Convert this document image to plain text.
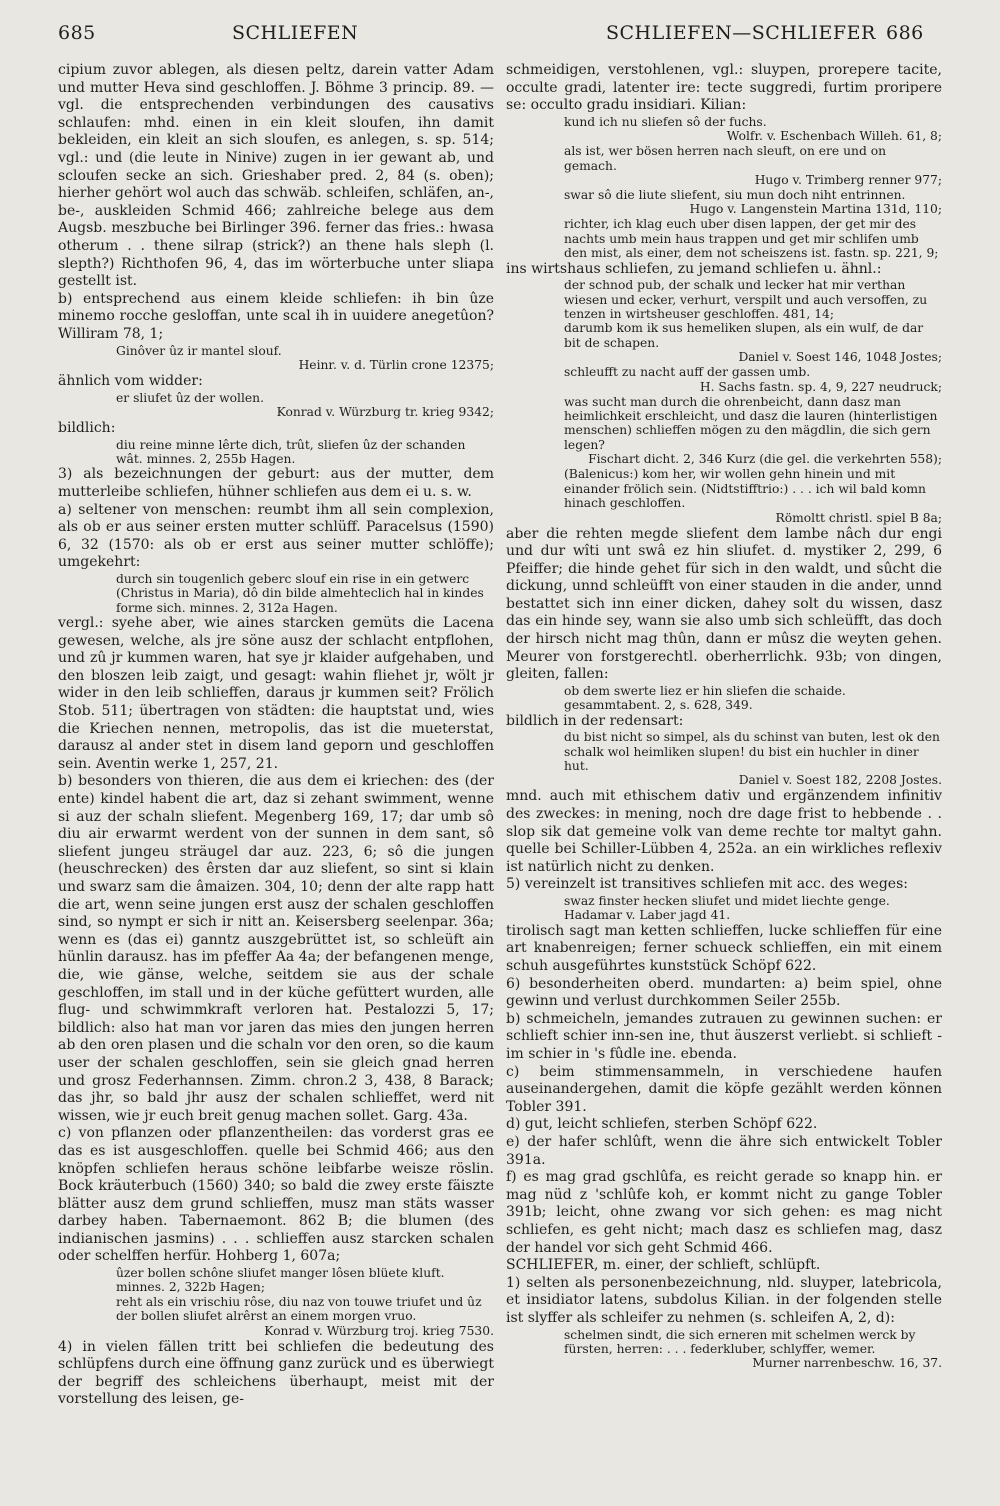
685	SCHLIEFEN	SCHLIEFEN—SCHLIEFER 686
cipium zuvor ablegen, als diesen peltz, darein vatter Adam und mutter Heva sind geschloffen. J. Böhme 3 princip. 89. — vgl. die entsprechenden verbindungen des causativs schlaufen: mhd. einen in ein kleit sloufen, ihn damit bekleiden, ein kleit an sich sloufen, es anlegen, s. sp. 514; vgl.: und (die leute in Ninive) zugen in ier gewant ab, und scloufen secke an sich. Grieshaber pred. 2, 84 (s. oben); hierher gehört wol auch das schwäb. schleifen, schläfen, an-, be-, auskleiden Schmid 466; zahlreiche belege aus dem Augsb. meszbuche bei Birlinger 396. ferner das fries.: hwasa otherum . . thene silrap (strick?) an thene hals sleph (l. slepth?) Richthofen 96, 4, das im wörterbuche unter sliapa gestellt ist.
b) entsprechend aus einem kleide schliefen: ih bin ûze minemo rocche gesloffan, unte scal ih in uuidere anegetûon? Williram 78, 1;
Ginôver ûz ir mantel slouf.
Heinr. v. d. Türlin crone 12375;
ähnlich vom widder:
er sliufet ûz der wollen.
Konrad v. Würzburg tr. krieg 9342;
bildlich:
diu reine minne lêrte dich, trût, sliefen ûz der schanden wât. minnes. 2, 255b Hagen.
3) als bezeichnungen der geburt: aus der mutter, dem mutterleibe schliefen, hühner schliefen aus dem ei u. s. w.
a) seltener von menschen: reumbt ihm all sein complexion, als ob er aus seiner ersten mutter schlüff. Paracelsus (1590) 6, 32 (1570: als ob er erst aus seiner mutter schlöffe); umgekehrt:
durch sin tougenlich geberc slouf ein rise in ein getwerc (Christus in Maria), dô din bilde almehteclich hal in kindes forme sich. minnes. 2, 312a Hagen.
vergl.: syehe aber, wie aines starcken gemüts die Lacena gewesen, welche, als jre söne ausz der schlacht entpflohen, und zû jr kummen waren, hat sye jr klaider aufgehaben, und den bloszen leib zaigt, und gesagt: wahin fliehet jr, wölt jr wider in den leib schlieffen, daraus jr kummen seit? Frölich Stob. 511; übertragen von städten: die hauptstat und, wies die Kriechen nennen, metropolis, das ist die mueterstat, darausz al ander stet in disem land geporn und geschloffen sein. Aventin werke 1, 257, 21.
b) besonders von thieren, die aus dem ei kriechen: des (der ente) kindel habent die art, daz si zehant swimment, wenne si auz der schaln sliefent. Megenberg 169, 17; dar umb sô diu air erwarmt werdent von der sunnen in dem sant, sô sliefent jungeu sträugel dar auz. 223, 6; sô die jungen (heuschrecken) des êrsten dar auz sliefent, so sint si klain und swarz sam die âmaizen. 304, 10; denn der alte rapp hatt die art, wenn seine jungen erst ausz der schalen geschloffen sind, so nympt er sich ir nitt an. Keisersberg seelenpar. 36a; wenn es (das ei) ganntz auszgebrüttet ist, so schleüft ain hünlin darausz. has im pfeffer Aa 4a; der befangenen menge, die, wie gänse, welche, seitdem sie aus der schale geschloffen, im stall und in der küche gefüttert wurden, alle flug- und schwimmkraft verloren hat. Pestalozzi 5, 17; bildlich: also hat man vor jaren das mies den jungen herren ab den oren plasen und die schaln vor den oren, so die kaum user der schalen geschloffen, sein sie gleich gnad herren und grosz Federhannsen. Zimm. chron.2 3, 438, 8 Barack; das jhr, so bald jhr ausz der schalen schlieffet, werd nit wissen, wie jr euch breit genug machen sollet. Garg. 43a.
c) von pflanzen oder pflanzentheilen: das vorderst gras ee das es ist ausgeschloffen. quelle bei Schmid 466; aus den knöpfen schliefen heraus schöne leibfarbe weisze röslin. Bock kräuterbuch (1560) 340; so bald die zwey erste fäiszte blätter ausz dem grund schlieffen, musz man stäts wasser darbey haben. Tabernaemont. 862 B; die blumen (des indianischen jasmins) . . . schlieffen ausz starcken schalen oder schelffen herfür. Hohberg 1, 607a;
ûzer bollen schône sliufet manger lôsen blüete kluft. minnes. 2, 322b Hagen;
reht als ein vrischiu rôse, diu naz von touwe triufet und ûz der bollen sliufet alrêrst an einem morgen vruo.
Konrad v. Würzburg troj. krieg 7530.
4) in vielen fällen tritt bei schliefen die bedeutung des schlüpfens durch eine öffnung ganz zurück und es überwiegt der begriff des schleichens überhaupt, meist mit der vorstellung des leisen, ge-
schmeidigen, verstohlenen, vgl.: sluypen, prorepere tacite, occulte gradi, latenter ire: tecte suggredi, furtim proripere se: occulto gradu insidiari. Kilian:
kund ich nu sliefen sô der fuchs.
Wolfr. v. Eschenbach Willeh. 61, 8;
als ist, wer bösen herren nach sleuft, on ere und on gemach.
Hugo v. Trimberg renner 977;
swar sô die liute sliefent, siu mun doch niht entrinnen.
Hugo v. Langenstein Martina 131d, 110;
richter, ich klag euch uber disen lappen, der get mir des nachts umb mein haus trappen und get mir schlifen umb den mist, als einer, dem not scheiszens ist. fastn. sp. 221, 9;
ins wirtshaus schliefen, zu jemand schliefen u. ähnl.:
der schnod pub, der schalk und lecker hat mir verthan wiesen und ecker, verhurt, verspilt und auch versoffen, zu tenzen in wirtsheuser geschloffen. 481, 14;
darumb kom ik sus hemeliken slupen, als ein wulf, de dar bit de schapen.
Daniel v. Soest 146, 1048 Jostes;
schleufft zu nacht auff der gassen umb.
H. Sachs fastn. sp. 4, 9, 227 neudruck;
was sucht man durch die ohrenbeicht, dann dasz man heimlichkeit erschleicht, und dasz die lauren (hinterlistigen menschen) schlieffen mögen zu den mägdlin, die sich gern legen?
Fischart dicht. 2, 346 Kurz (die gel. die verkehrten 558);
(Balenicus:) kom her, wir wollen gehn hinein und mit einander frölich sein. (Nidtstifftrio:) . . . ich wil bald komn hinach geschloffen.
Römoltt christl. spiel B 8a;
aber die rehten megde sliefent dem lambe nâch dur engi und dur wîti unt swâ ez hin sliufet. d. mystiker 2, 299, 6 Pfeiffer; die hinde gehet für sich in den waldt, und sûcht die dickung, unnd schleüfft von einer stauden in die ander, unnd bestattet sich inn einer dicken, dahey solt du wissen, dasz das ein hinde sey, wann sie also umb sich schleüfft, das doch der hirsch nicht mag thûn, dann er mûsz die weyten gehen. Meurer von forstgerechtl. oberherrlichk. 93b; von dingen, gleiten, fallen:
ob dem swerte liez er hin sliefen die schaide. gesammtabent. 2, s. 628, 349.
bildlich in der redensart:
du bist nicht so simpel, als du schinst van buten, lest ok den schalk wol heimliken slupen! du bist ein huchler in diner hut.
Daniel v. Soest 182, 2208 Jostes.
mnd. auch mit ethischem dativ und ergänzendem infinitiv des zweckes: in mening, noch dre dage frist to hebbende . . slop sik dat gemeine volk van deme rechte tor maltyt gahn. quelle bei Schiller-Lübben 4, 252a. an ein wirkliches reflexiv ist natürlich nicht zu denken.
5) vereinzelt ist transitives schliefen mit acc. des weges:
swaz finster hecken sliufet und midet liechte genge. Hadamar v. Laber jagd 41.
tirolisch sagt man ketten schlieffen, lucke schlieffen für eine art knabenreigen; ferner schueck schlieffen, ein mit einem schuh ausgeführtes kunststück Schöpf 622.
6) besonderheiten oberd. mundarten: a) beim spiel, ohne gewinn und verlust durchkommen Seiler 255b.
b) schmeicheln, jemandes zutrauen zu gewinnen suchen: er schlieft schier inn-sen ine, thut äuszerst verliebt. si schlieft -im schier in 's fûdle ine. ebenda.
c) beim stimmensammeln, in verschiedene haufen auseinandergehen, damit die köpfe gezählt werden können Tobler 391.
d) gut, leicht schliefen, sterben Schöpf 622.
e) der hafer schlûft, wenn die ähre sich entwickelt Tobler 391a.
f) es mag grad gschlûfa, es reicht gerade so knapp hin. er mag nüd z 'schlûfe koh, er kommt nicht zu gange Tobler 391b; leicht, ohne zwang vor sich gehen: es mag nicht schliefen, es geht nicht; mach dasz es schliefen mag, dasz der handel vor sich geht Schmid 466.
SCHLIEFER, m. einer, der schlieft, schlüpft.
1) selten als personenbezeichnung, nld. sluyper, latebricola, et insidiator latens, subdolus Kilian. in der folgenden stelle ist slyffer als schleifer zu nehmen (s. schleifen A, 2, d):
schelmen sindt, die sich erneren mit schelmen werck by fürsten, herren: . . . federkluber, schlyffer, wemer.
Murner narrenbeschw. 16, 37.
